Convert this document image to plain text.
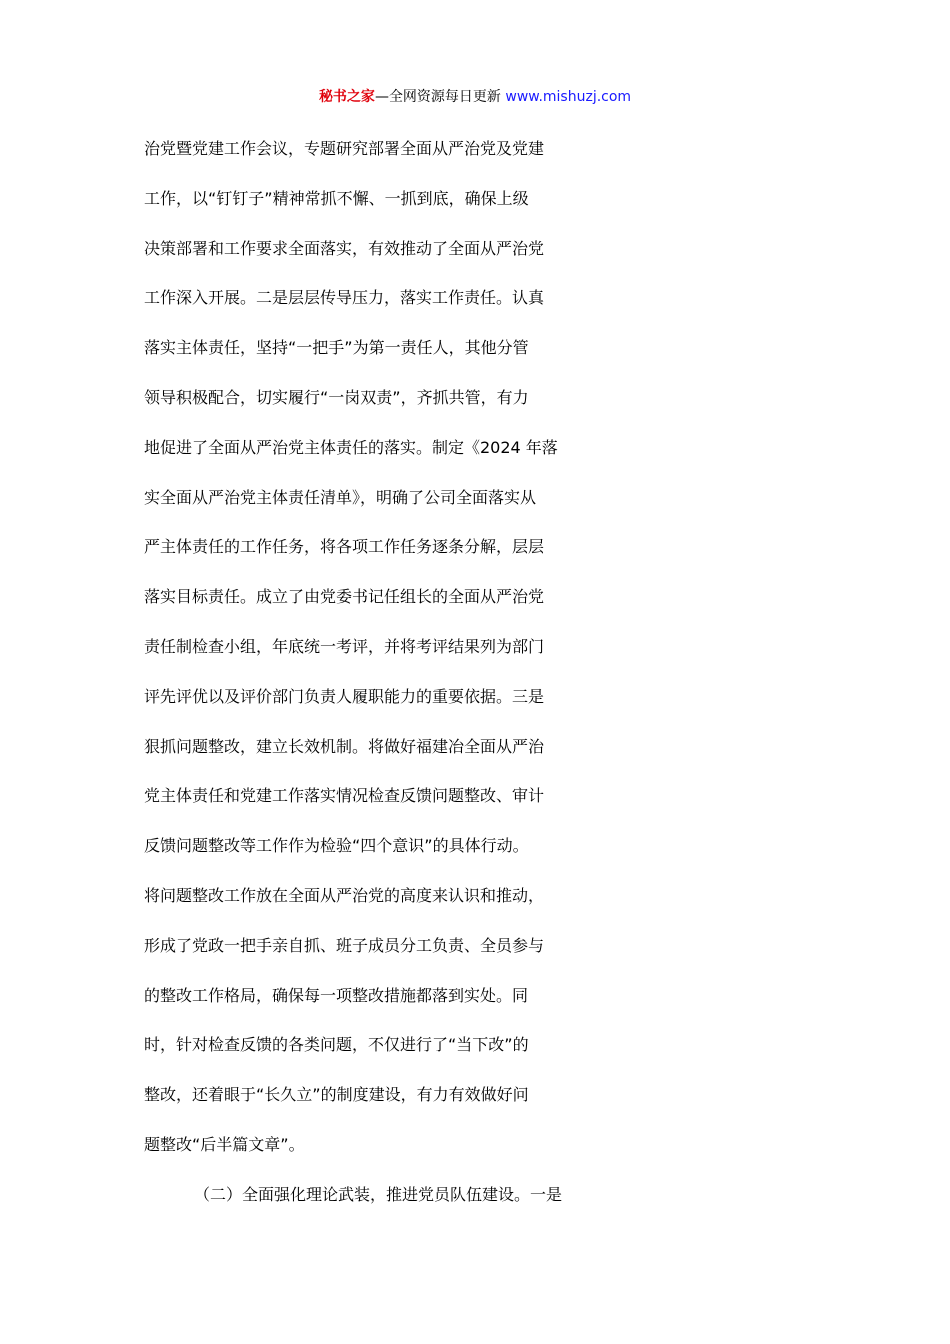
秘书之家—全网资源每日更新 www.mishuzj.com
治党暨党建工作会议，专题研究部署全面从严治党及党建
工作，以“钉钉子”精神常抓不懈、一抓到底，确保上级
决策部署和工作要求全面落实，有效推动了全面从严治党
工作深入开展。二是层层传导压力，落实工作责任。认真
落实主体责任，坚持“一把手”为第一责任人，其他分管
领导积极配合，切实履行“一岗双责”，齐抓共管，有力
地促进了全面从严治党主体责任的落实。制定《2024 年落
实全面从严治党主体责任清单》，明确了公司全面落实从
严主体责任的工作任务，将各项工作任务逐条分解，层层
落实目标责任。成立了由党委书记任组长的全面从严治党
责任制检查小组，年底统一考评，并将考评结果列为部门
评先评优以及评价部门负责人履职能力的重要依据。三是
狠抓问题整改，建立长效机制。将做好福建冶全面从严治
党主体责任和党建工作落实情况检查反馈问题整改、审计
反馈问题整改等工作作为检验“四个意识”的具体行动。
将问题整改工作放在全面从严治党的高度来认识和推动，
形成了党政一把手亲自抓、班子成员分工负责、全员参与
的整改工作格局，确保每一项整改措施都落到实处。同
时，针对检查反馈的各类问题，不仅进行了“当下改”的
整改，还着眼于“长久立”的制度建设，有力有效做好问
题整改“后半篇文章”。
（二）全面强化理论武装，推进党员队伍建设。一是
